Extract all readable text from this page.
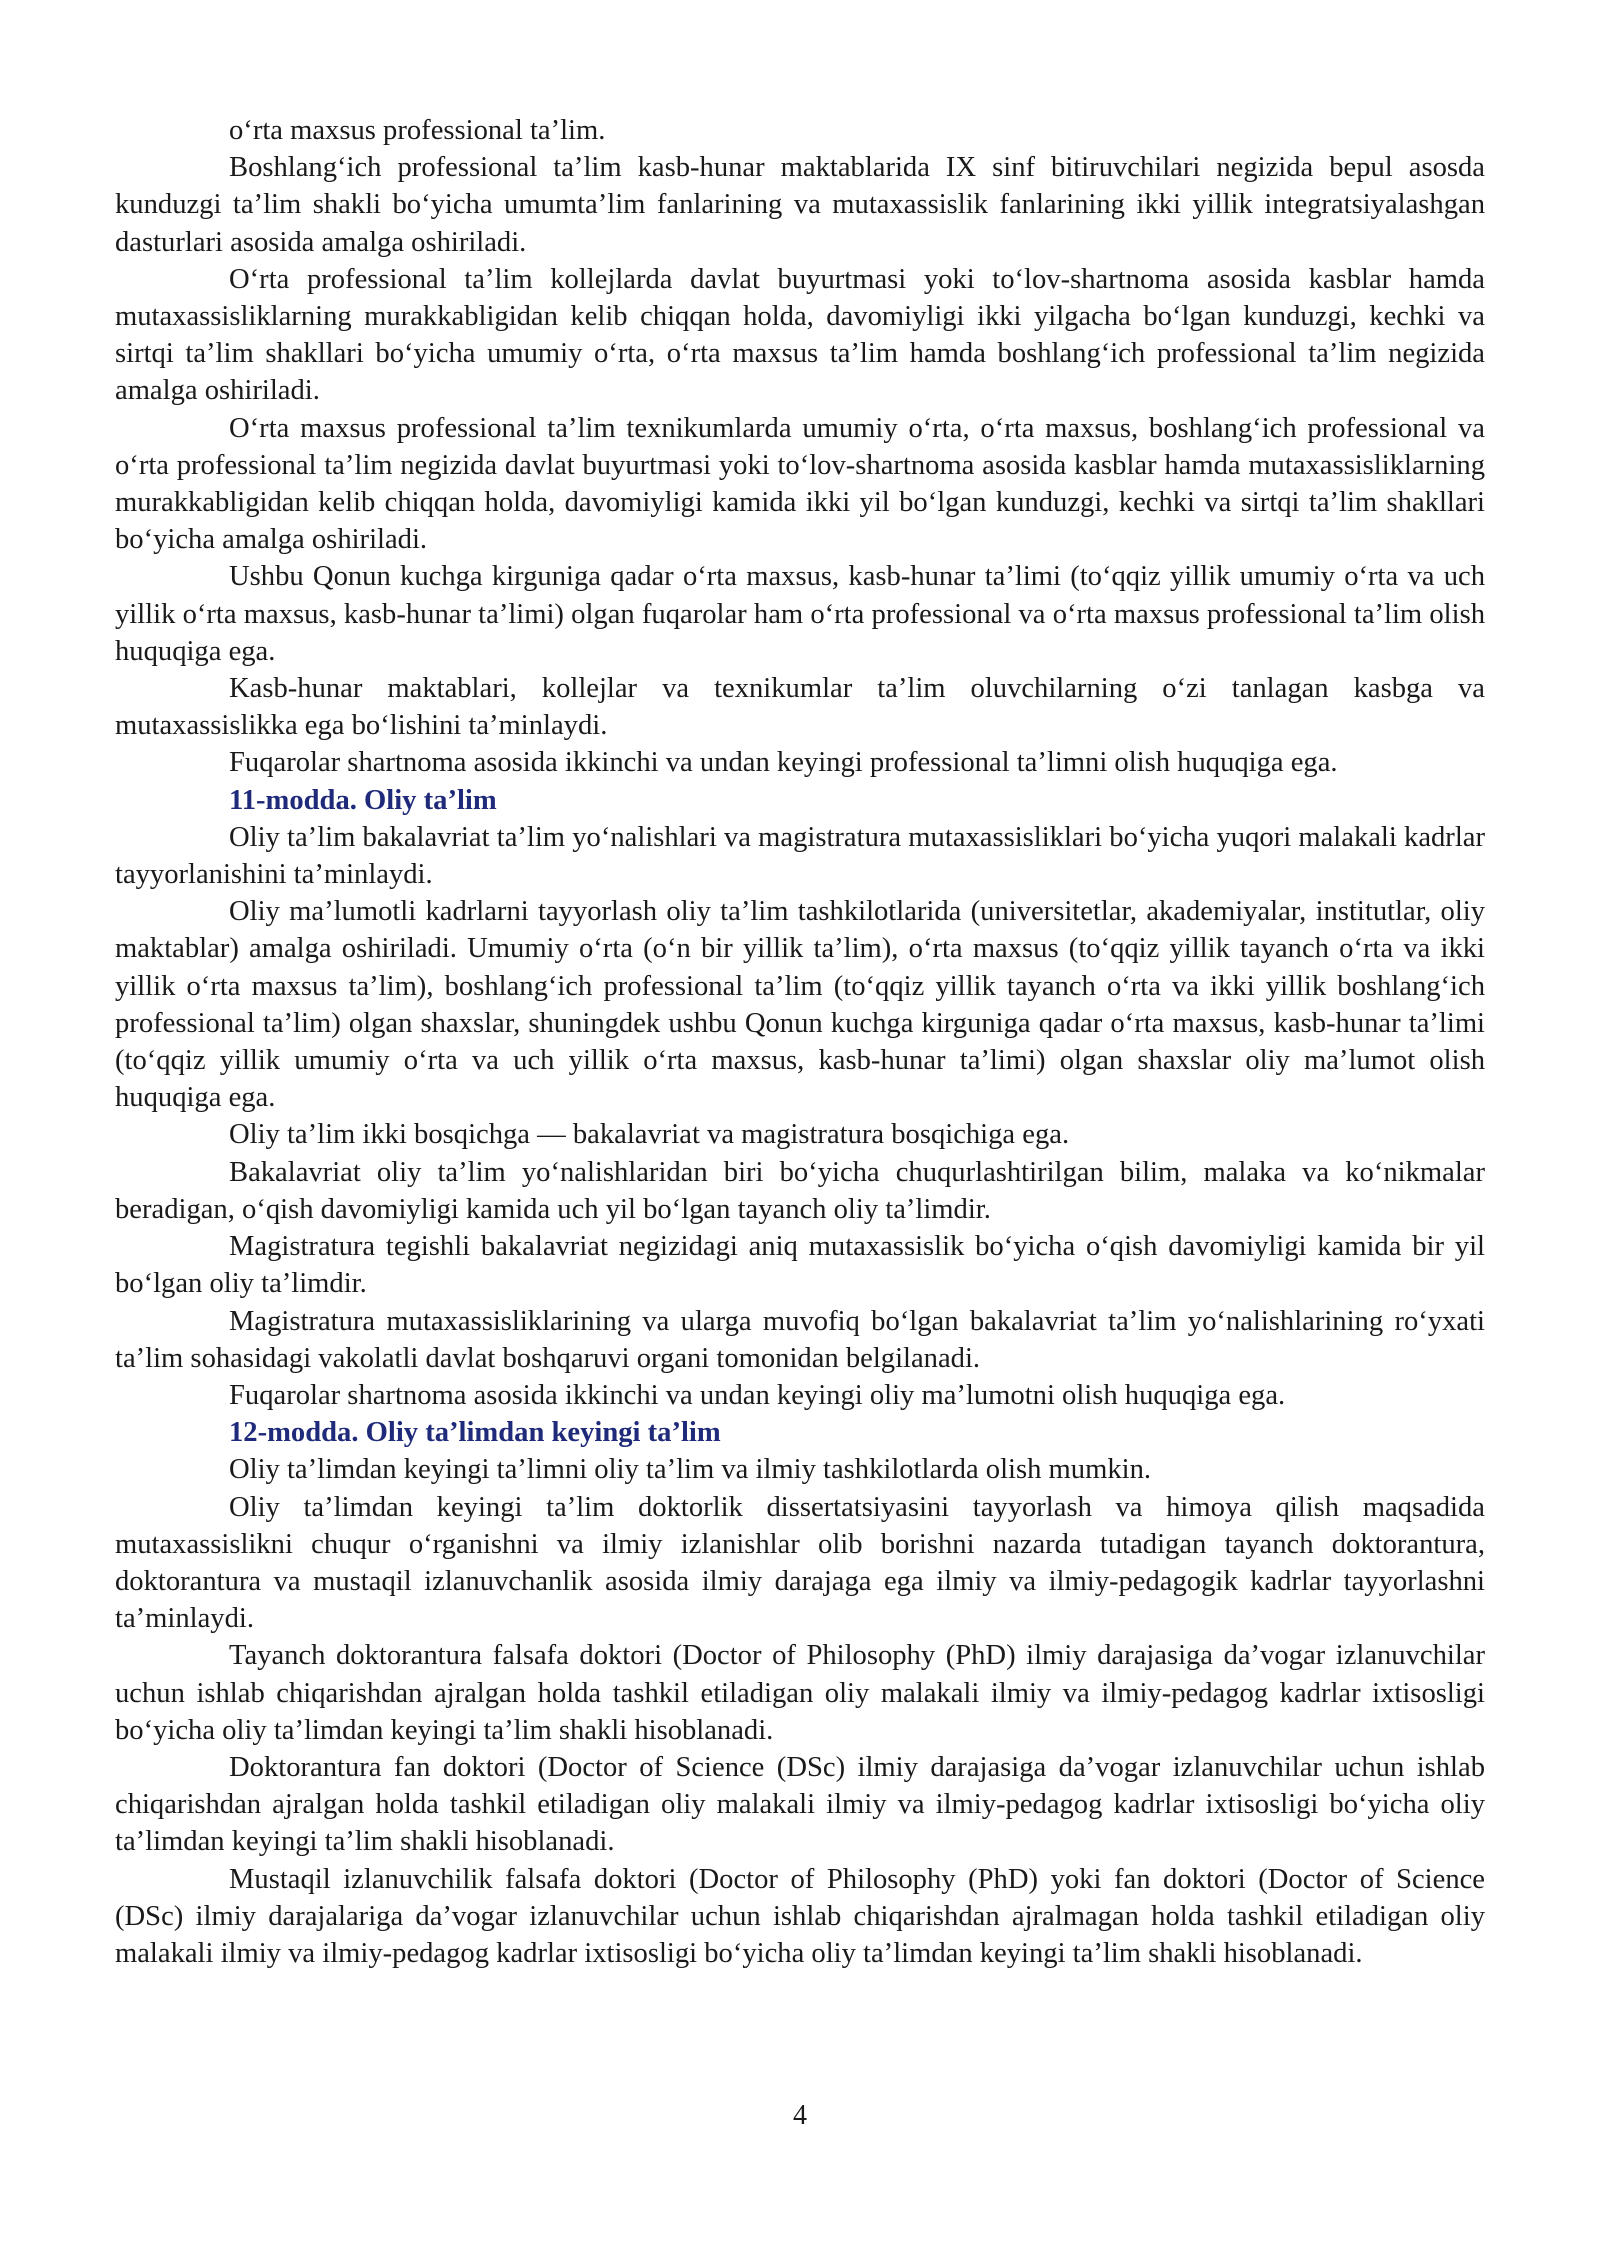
o‘rta maxsus professional ta’lim.

Boshlang‘ich professional ta’lim kasb-hunar maktablarida IX sinf bitiruvchilari negizida bepul asosda kunduzgi ta’lim shakli bo‘yicha umumta’lim fanlarining va mutaxassislik fanlarining ikki yillik integratsiyalashgan dasturlari asosida amalga oshiriladi.

O‘rta professional ta’lim kollejlarda davlat buyurtmasi yoki to‘lov-shartnoma asosida kasblar hamda mutaxassisliklarning murakkabligidan kelib chiqqan holda, davomiyligi ikki yilgacha bo‘lgan kunduzgi, kechki va sirtqi ta’lim shakllari bo‘yicha umumiy o‘rta, o‘rta maxsus ta’lim hamda boshlang‘ich professional ta’lim negizida amalga oshiriladi.

O‘rta maxsus professional ta’lim texnikumlarda umumiy o‘rta, o‘rta maxsus, boshlang‘ich professional va o‘rta professional ta’lim negizida davlat buyurtmasi yoki to‘lov-shartnoma asosida kasblar hamda mutaxassisliklarning murakkabligidan kelib chiqqan holda, davomiyligi kamida ikki yil bo‘lgan kunduzgi, kechki va sirtqi ta’lim shakllari bo‘yicha amalga oshiriladi.

Ushbu Qonun kuchga kirguniga qadar o‘rta maxsus, kasb-hunar ta’limi (to‘qqiz yillik umumiy o‘rta va uch yillik o‘rta maxsus, kasb-hunar ta’limi) olgan fuqarolar ham o‘rta professional va o‘rta maxsus professional ta’lim olish huquqiga ega.

Kasb-hunar maktablari, kollejlar va texnikumlar ta’lim oluvchilarning o‘zi tanlagan kasbga va mutaxassislikka ega bo‘lishini ta’minlaydi.

Fuqarolar shartnoma asosida ikkinchi va undan keyingi professional ta’limni olish huquqiga ega.

11-modda. Oliy ta’lim

Oliy ta’lim bakalavriat ta’lim yo‘nalishlari va magistratura mutaxassisliklari bo‘yicha yuqori malakali kadrlar tayyorlanishini ta’minlaydi.

Oliy ma’lumotli kadrlarni tayyorlash oliy ta’lim tashkilotlarida (universitetlar, akademiyalar, institutlar, oliy maktablar) amalga oshiriladi. Umumiy o‘rta (o‘n bir yillik ta’lim), o‘rta maxsus (to‘qqiz yillik tayanch o‘rta va ikki yillik o‘rta maxsus ta’lim), boshlang‘ich professional ta’lim (to‘qqiz yillik tayanch o‘rta va ikki yillik boshlang‘ich professional ta’lim) olgan shaxslar, shuningdek ushbu Qonun kuchga kirguniga qadar o‘rta maxsus, kasb-hunar ta’limi (to‘qqiz yillik umumiy o‘rta va uch yillik o‘rta maxsus, kasb-hunar ta’limi) olgan shaxslar oliy ma’lumot olish huquqiga ega.

Oliy ta’lim ikki bosqichga — bakalavriat va magistratura bosqichiga ega.

Bakalavriat oliy ta’lim yo‘nalishlaridan biri bo‘yicha chuqurlashtirilgan bilim, malaka va ko‘nikmalar beradigan, o‘qish davomiyligi kamida uch yil bo‘lgan tayanch oliy ta’limdir.

Magistratura tegishli bakalavriat negizidagi aniq mutaxassislik bo‘yicha o‘qish davomiyligi kamida bir yil bo‘lgan oliy ta’limdir.

Magistratura mutaxassisliklarining va ularga muvofiq bo‘lgan bakalavriat ta’lim yo‘nalishlarining ro‘yxati ta’lim sohasidagi vakolatli davlat boshqaruvi organi tomonidan belgilanadi.

Fuqarolar shartnoma asosida ikkinchi va undan keyingi oliy ma’lumotni olish huquqiga ega.

12-modda. Oliy ta’limdan keyingi ta’lim

Oliy ta’limdan keyingi ta’limni oliy ta’lim va ilmiy tashkilotlarda olish mumkin.

Oliy ta’limdan keyingi ta’lim doktorlik dissertatsiyasini tayyorlash va himoya qilish maqsadida mutaxassislikni chuqur o‘rganishni va ilmiy izlanishlar olib borishni nazarda tutadigan tayanch doktorantura, doktorantura va mustaqil izlanuvchanlik asosida ilmiy darajaga ega ilmiy va ilmiy-pedagogik kadrlar tayyorlashni ta’minlaydi.

Tayanch doktorantura falsafa doktori (Doctor of Philosophy (PhD) ilmiy darajasiga da’vogar izlanuvchilar uchun ishlab chiqarishdan ajralgan holda tashkil etiladigan oliy malakali ilmiy va ilmiy-pedagog kadrlar ixtisosligi bo‘yicha oliy ta’limdan keyingi ta’lim shakli hisoblanadi.

Doktorantura fan doktori (Doctor of Science (DSc) ilmiy darajasiga da’vogar izlanuvchilar uchun ishlab chiqarishdan ajralgan holda tashkil etiladigan oliy malakali ilmiy va ilmiy-pedagog kadrlar ixtisosligi bo‘yicha oliy ta’limdan keyingi ta’lim shakli hisoblanadi.

Mustaqil izlanuvchilik falsafa doktori (Doctor of Philosophy (PhD) yoki fan doktori (Doctor of Science (DSc) ilmiy darajalariga da’vogar izlanuvchilar uchun ishlab chiqarishdan ajralmagan holda tashkil etiladigan oliy malakali ilmiy va ilmiy-pedagog kadrlar ixtisosligi bo‘yicha oliy ta’limdan keyingi ta’lim shakli hisoblanadi.

4
